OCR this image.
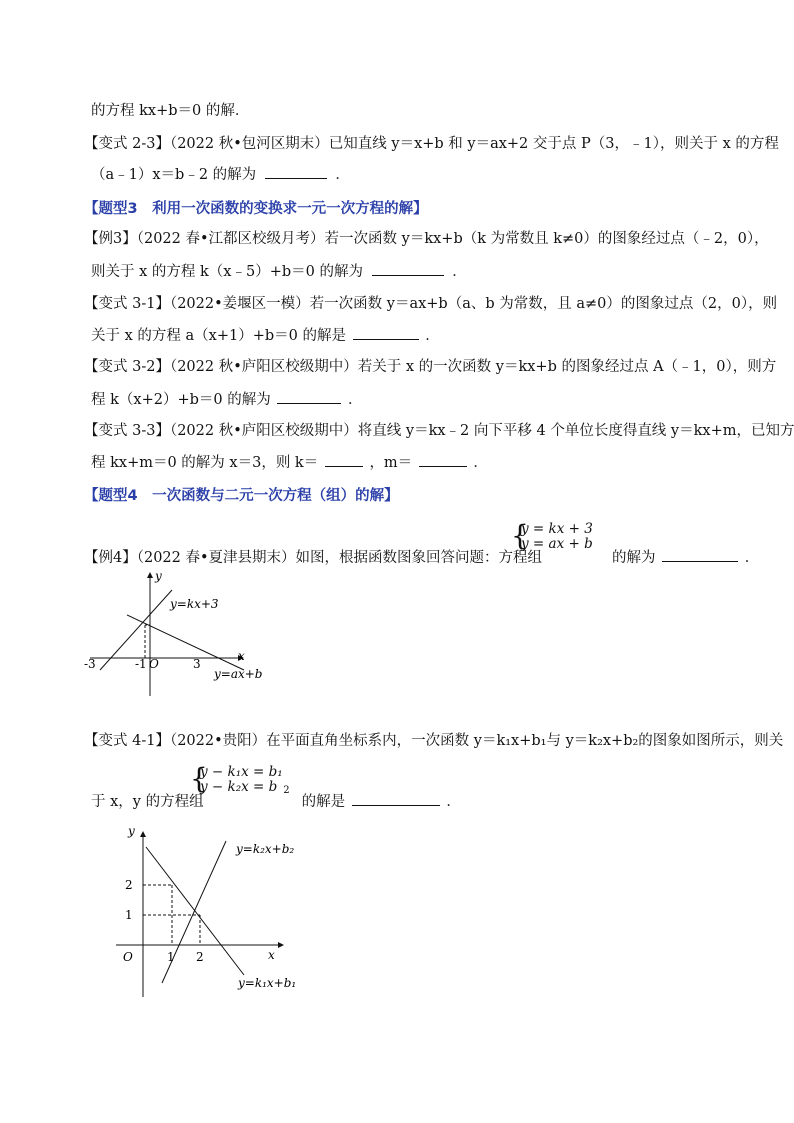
的方程 kx+b＝0 的解．
【变式 2-3】（2022 秋•包河区期末）已知直线 y＝x+b 和 y＝ax+2 交于点 P（3，﹣1），则关于 x 的方程
（a﹣1）x＝b﹣2 的解为	．
【题型3　利用一次函数的变换求一元一次方程的解】
【例3】（2022 春•江都区校级月考）若一次函数 y＝kx+b（k 为常数且 k≠0）的图象经过点（﹣2，0），
则关于 x 的方程 k（x﹣5）+b＝0 的解为	．
【变式 3-1】（2022•姜堰区一模）若一次函数 y＝ax+b（a、b 为常数，且 a≠0）的图象过点（2，0），则
关于 x 的方程 a（x+1）+b＝0 的解是	．
【变式 3-2】（2022 秋•庐阳区校级期中）若关于 x 的一次函数 y＝kx+b 的图象经过点 A（﹣1，0），则方
程 k（x+2）+b＝0 的解为	．
【变式 3-3】（2022 秋•庐阳区校级期中）将直线 y＝kx﹣2 向下平移 4 个单位长度得直线 y＝kx+m，已知方
程 kx+m＝0 的解为 x＝3，则 k＝	，m＝	．
【题型4　一次函数与二元一次方程（组）的解】
【例4】（2022 春•夏津县期末）如图，根据函数图象回答问题：方程组	的解为	．
{
y = kx + 3
y = ax + b
y
x
O
-3	-1	3
y=kx+3
y=ax+b
【变式 4-1】（2022•贵阳）在平面直角坐标系内，一次函数 y＝k₁x+b₁与 y＝k₂x+b₂的图象如图所示，则关
于 x，y 的方程组	的解是	．
{
y − k₁x = b₁
y − k₂x = b 2
y
x
O	1 2
1
2
y=k₂x+b₂
y=k₁x+b₁
